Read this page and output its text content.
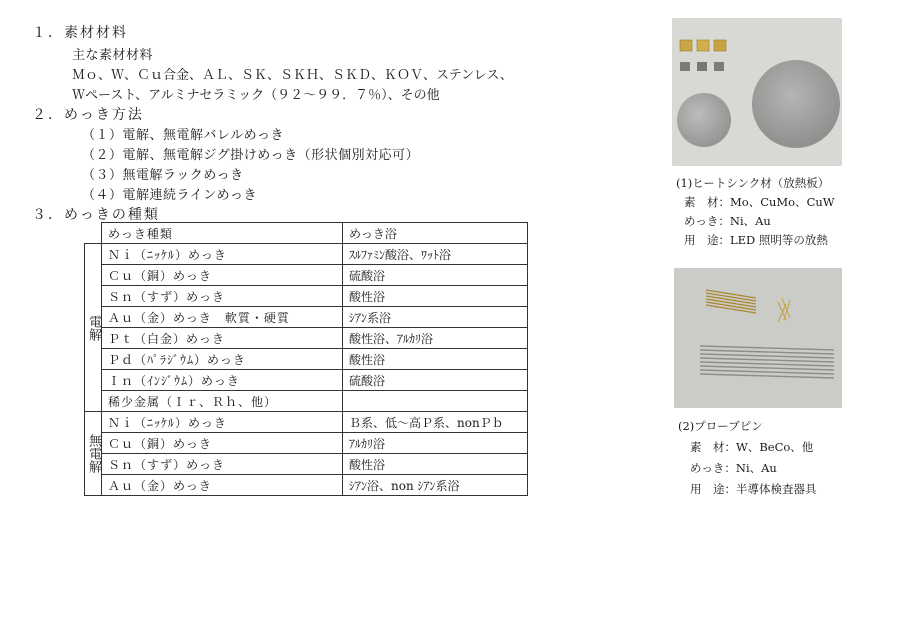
１．素材材料
主な素材材料
Ｍｏ、Ｗ、Ｃｕ合金、ＡＬ、ＳＫ、ＳＫＨ、ＳＫＤ、ＫＯＶ、ステンレス、
Ｗペースト、アルミナセラミック（９２〜９９．７％）、その他
２．めっき方法
（１）電解、無電解バレルめっき
（２）電解、無電解ジグ掛けめっき（形状個別対応可）
（３）無電解ラックめっき
（４）電解連続ラインめっき
３．めっきの種類
	めっき種類	めっき浴
電解	Ｎｉ（ﾆｯｹﾙ）めっき	ｽﾙﾌｧﾐﾝ酸浴、ﾜｯﾄ浴
	Ｃｕ（銅）めっき	硫酸浴
	Ｓｎ（すず）めっき	酸性浴
	Ａｕ（金）めっき　軟質・硬質	ｼｱﾝ系浴
	Ｐｔ（白金）めっき	酸性浴、ｱﾙｶﾘ浴
	Ｐｄ（ﾊﾟﾗｼﾞｳﾑ）めっき	酸性浴
	Ｉｎ（ｲﾝｼﾞｳﾑ）めっき	硫酸浴
	稀少金属（Ｉｒ、Ｒｈ、他）	
無電解	Ｎｉ（ﾆｯｹﾙ）めっき	Ｂ系、低〜高Ｐ系、nonＰｂ
	Ｃｕ（銅）めっき	ｱﾙｶﾘ浴
	Ｓｎ（すず）めっき	酸性浴
	Ａｕ（金）めっき	ｼｱﾝ浴、non ｼｱﾝ系浴
(1)ヒートシンク材（放熱板）
素　材：Mo、CuMo、CuW
めっき：Ni、Au
用　途：LED 照明等の放熱
(2)プローブピン
素　材：W、BeCo、他
めっき：Ni、Au
用　途：半導体検査器具
